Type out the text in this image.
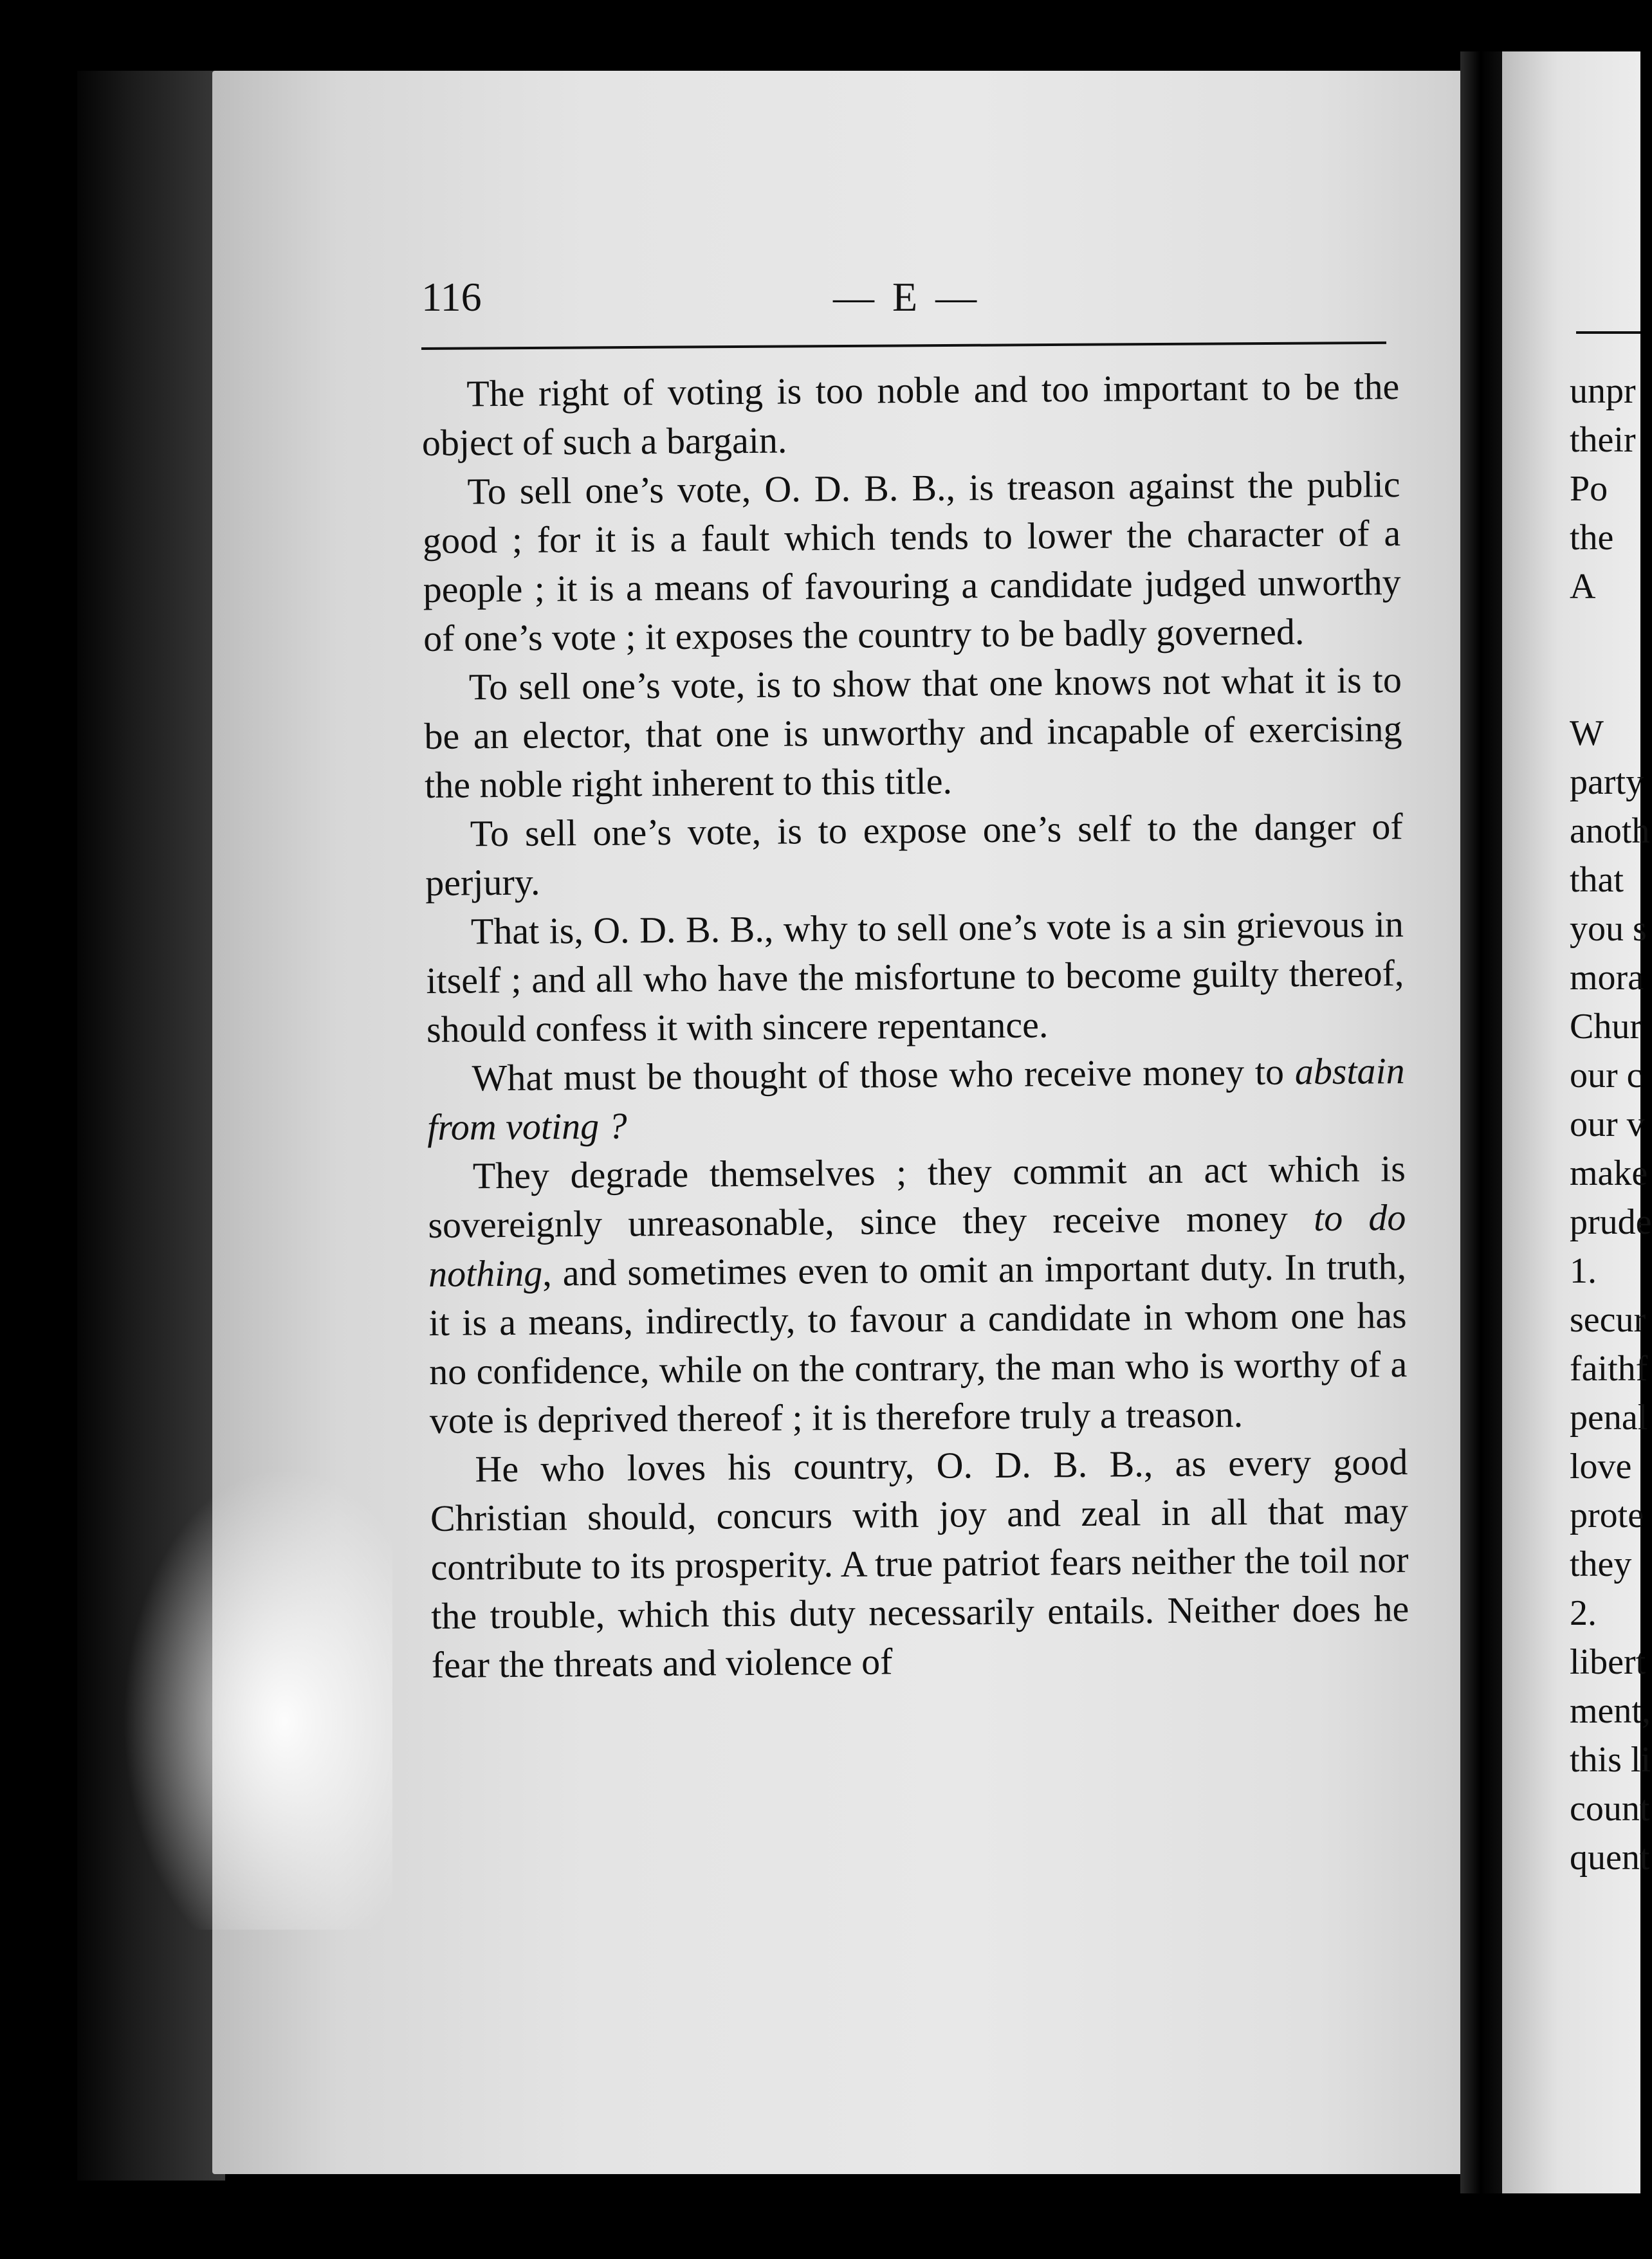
116	— E —

The right of voting is too noble and too important to be the object of such a bargain.

To sell one’s vote, O. D. B. B., is treason against the public good ; for it is a fault which tends to lower the character of a people ; it is a means of favouring a candidate judged unworthy of one’s vote ; it exposes the country to be badly governed.

To sell one’s vote, is to show that one knows not what it is to be an elector, that one is unworthy and incapable of exercising the noble right inherent to this title.

To sell one’s vote, is to expose one’s self to the danger of perjury.

That is, O. D. B. B., why to sell one’s vote is a sin grievous in itself ; and all who have the misfortune to become guilty thereof, should confess it with sincere repentance.

What must be thought of those who receive money to abstain from voting ?

They degrade themselves ; they commit an act which is sovereignly unreasonable, since they receive money to do nothing, and sometimes even to omit an important duty. In truth, it is a means, indirectly, to favour a candidate in whom one has no confidence, while on the contrary, the man who is worthy of a vote is deprived thereof ; it is therefore truly a treason.

He who loves his country, O. D. B. B., as every good Christian should, concurs with joy and zeal in all that may contribute to its prosperity. A true patriot fears neither the toil nor the trouble, which this duty necessarily entails. Neither does he fear the threats and violence of

unpr
their
Po
the
A
W
party
anoth
that
you s
mora
Chur
our c
our v
make
prude
1.
secur
faithf
penal
love
prote
they
2.
libert
ment,
this li
count
quent
